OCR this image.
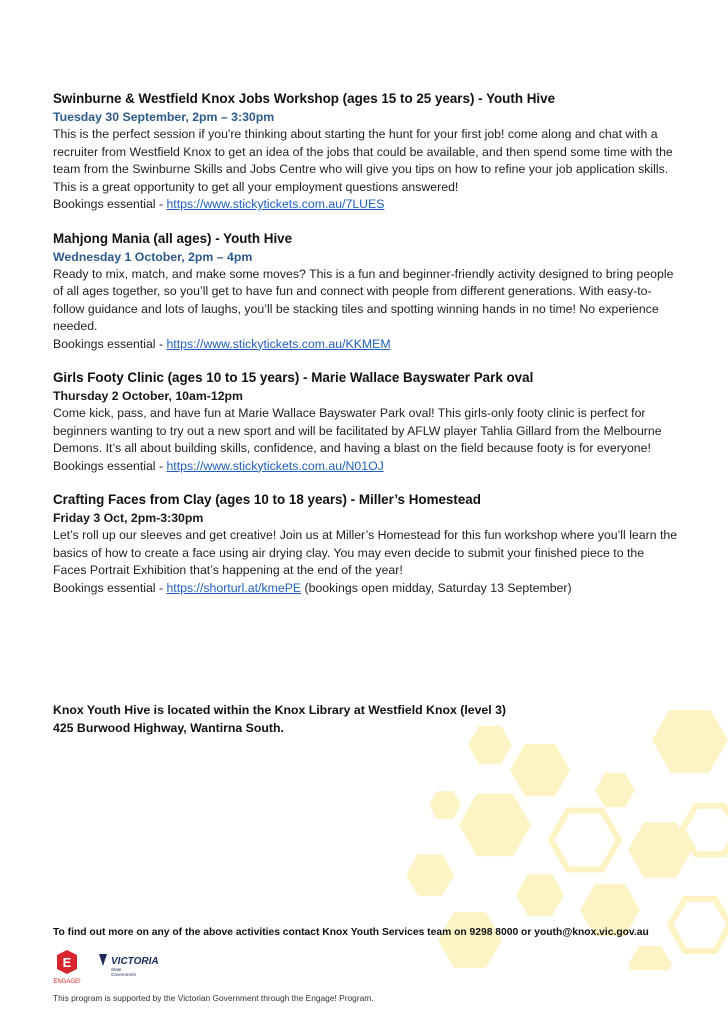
Swinburne & Westfield Knox Jobs Workshop (ages 15 to 25 years) - Youth Hive

Tuesday 30 September, 2pm – 3:30pm

This is the perfect session if you're thinking about starting the hunt for your first job! come along and chat with a recruiter from Westfield Knox to get an idea of the jobs that could be available, and then spend some time with the team from the Swinburne Skills and Jobs Centre who will give you tips on how to refine your job application skills. This is a great opportunity to get all your employment questions answered!

Bookings essential - https://www.stickytickets.com.au/7LUES

Mahjong Mania (all ages) - Youth Hive

Wednesday 1 October, 2pm – 4pm

Ready to mix, match, and make some moves? This is a fun and beginner-friendly activity designed to bring people of all ages together, so you’ll get to have fun and connect with people from different generations. With easy-to-follow guidance and lots of laughs, you’ll be stacking tiles and spotting winning hands in no time! No experience needed.

Bookings essential - https://www.stickytickets.com.au/KKMEM

Girls Footy Clinic (ages 10 to 15 years) - Marie Wallace Bayswater Park oval

Thursday 2 October, 10am-12pm

Come kick, pass, and have fun at Marie Wallace Bayswater Park oval! This girls-only footy clinic is perfect for beginners wanting to try out a new sport and will be facilitated by AFLW player Tahlia Gillard from the Melbourne Demons. It’s all about building skills, confidence, and having a blast on the field because footy is for everyone!

Bookings essential - https://www.stickytickets.com.au/N01OJ

Crafting Faces from Clay (ages 10 to 18 years) - Miller’s Homestead

Friday 3 Oct, 2pm-3:30pm

Let’s roll up our sleeves and get creative! Join us at Miller’s Homestead for this fun workshop where you’ll learn the basics of how to create a face using air drying clay. You may even decide to submit your finished piece to the Faces Portrait Exhibition that’s happening at the end of the year!

Bookings essential - https://shorturl.at/kmePE (bookings open midday, Saturday 13 September)

Knox Youth Hive is located within the Knox Library at Westfield Knox (level 3)

425 Burwood Highway, Wantirna South.

To find out more on any of the above activities contact Knox Youth Services team on 9298 8000 or youth@knox.vic.gov.au

E
ENGAGE!
VICTORIA
State
Government

This program is supported by the Victorian Government through the Engage! Program.
